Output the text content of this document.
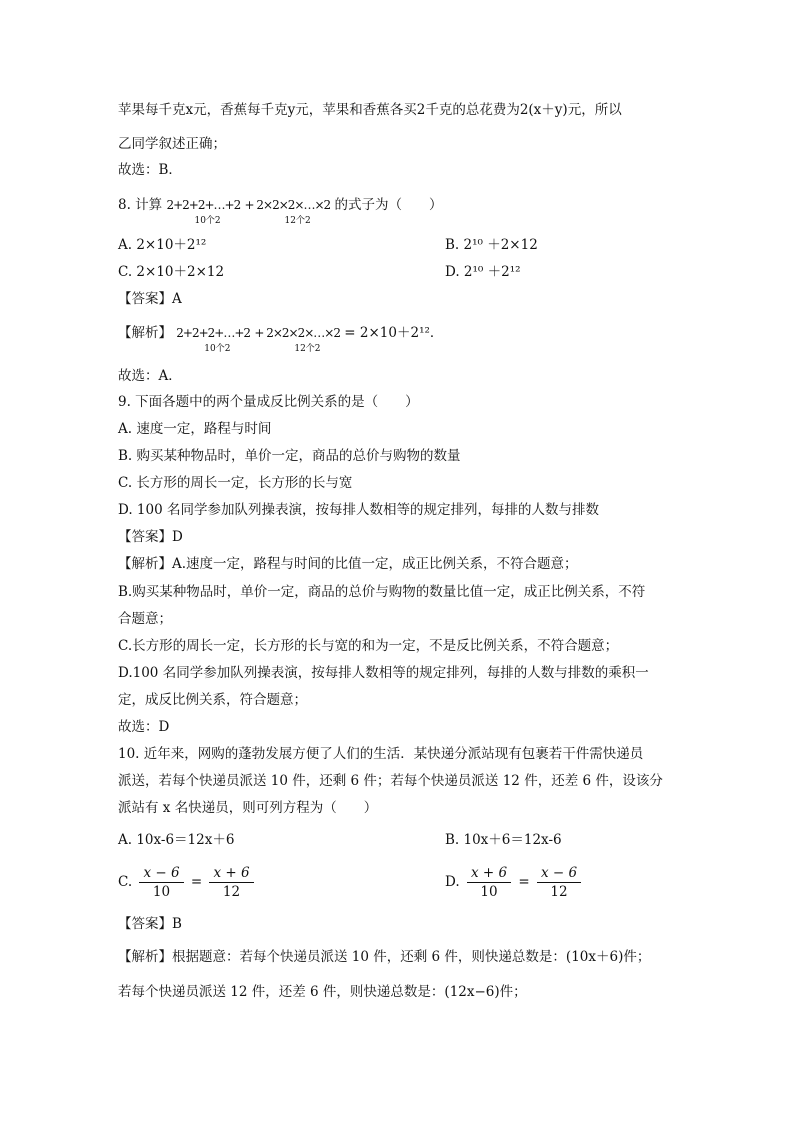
苹果每千克x元，香蕉每千克y元，苹果和香蕉各买2千克的总花费为2(x＋y)元，所以
乙同学叙述正确；
故选：B．
8. 计算 2+2+2+…+2
10个2
+ 2×2×2×…×2
12个2
的式子为（　　）
A. 2×10＋2¹²	B. 2¹⁰ ＋2×12
C. 2×10＋2×12	D. 2¹⁰ ＋2¹²
【答案】A
【解析】 2+2+2+…+2
10个2
+ 2×2×2×…×2
12个2
= 2×10＋2¹²．
故选：A．
9. 下面各题中的两个量成反比例关系的是（　　）
A. 速度一定，路程与时间
B. 购买某种物品时，单价一定，商品的总价与购物的数量
C. 长方形的周长一定，长方形的长与宽
D. 100 名同学参加队列操表演，按每排人数相等的规定排列，每排的人数与排数
【答案】D
【解析】A.速度一定，路程与时间的比值一定，成正比例关系，不符合题意；
B.购买某种物品时，单价一定，商品的总价与购物的数量比值一定，成正比例关系，不符
合题意；
C.长方形的周长一定，长方形的长与宽的和为一定，不是反比例关系，不符合题意；
D.100 名同学参加队列操表演，按每排人数相等的规定排列，每排的人数与排数的乘积一
定，成反比例关系，符合题意；
故选：D
10. 近年来，网购的蓬勃发展方便了人们的生活．某快递分派站现有包裹若干件需快递员
派送，若每个快递员派送 10 件，还剩 6 件；若每个快递员派送 12 件，还差 6 件，设该分
派站有 x 名快递员，则可列方程为（　　）
A. 10x-6＝12x＋6	B. 10x＋6＝12x-6
C. $\frac{x - 6}{10} = \frac{x + 6}{12}$	D. $\frac{x + 6}{10} = \frac{x - 6}{12}$
【答案】B
【解析】根据题意：若每个快递员派送 10 件，还剩 6 件，则快递总数是：(10x＋6)件；
若每个快递员派送 12 件，还差 6 件，则快递总数是：(12x−6)件；
